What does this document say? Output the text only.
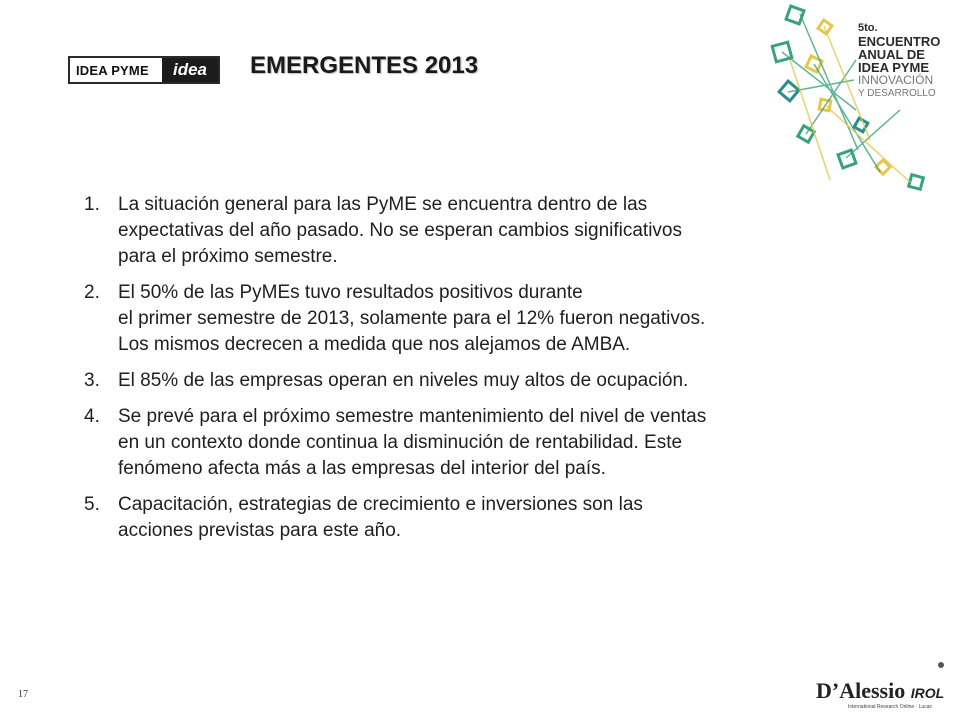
IDEA PYME	idea	EMERGENTES 2013
5to.
ENCUENTRO
ANUAL DE
IDEA PYME
INNOVACIÓN
Y DESARROLLO
1. La situación general para las PyME se encuentra dentro de las
expectativas del año pasado. No se esperan cambios significativos
para el próximo semestre.
2. El 50% de las PyMEs tuvo resultados positivos durante
el primer semestre de 2013, solamente para el 12% fueron negativos.
Los mismos decrecen a medida que nos alejamos de AMBA.
3. El 85% de las empresas operan en niveles muy altos de ocupación.
4. Se prevé para el próximo semestre mantenimiento del nivel de ventas
en un contexto donde continua la disminución de rentabilidad. Este
fenómeno afecta más a las empresas del interior del país.
5. Capacitación, estrategias de crecimiento e inversiones son las
acciones previstas para este año.
17	D’Alessio IROL
International Research Online · Lucas
